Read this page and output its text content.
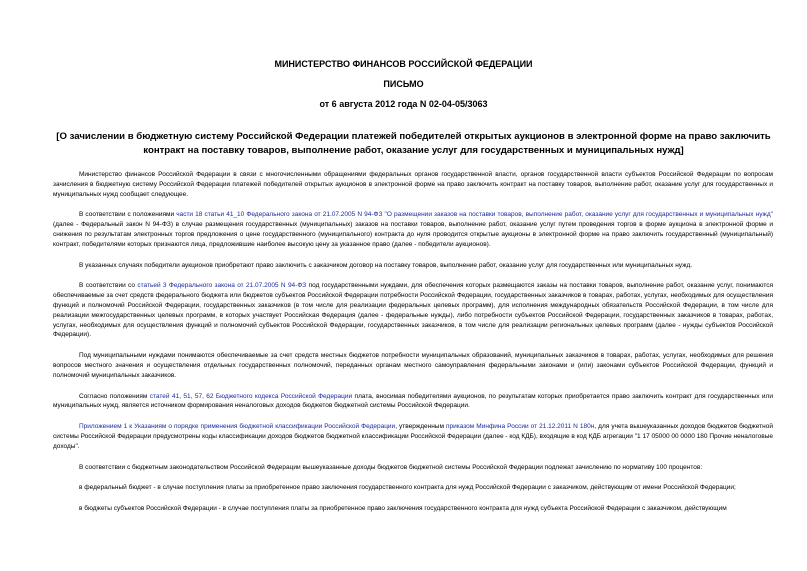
МИНИСТЕРСТВО ФИНАНСОВ РОССИЙСКОЙ ФЕДЕРАЦИИ
ПИСЬМО
от 6 августа 2012 года N 02-04-05/3063
[О зачислении в бюджетную систему Российской Федерации платежей победителей открытых аукционов в электронной форме на право заключить контракт на поставку товаров, выполнение работ, оказание услуг для государственных и муниципальных нужд]

Министерство финансов Российской Федерации в связи с многочисленными обращениями федеральных органов государственной власти, органов государственной власти субъектов Российской Федерации по вопросам зачисления в бюджетную систему Российской Федерации платежей победителей открытых аукционов в электронной форме на право заключить контракт на поставку товаров, выполнение работ, оказание услуг для государственных и муниципальных нужд сообщает следующее.

В соответствии с положениями части 18 статьи 41_10 Федерального закона от 21.07.2005 N 94-ФЗ "О размещении заказов на поставки товаров, выполнение работ, оказание услуг для государственных и муниципальных нужд" (далее - Федеральный закон N 94-ФЗ) в случае размещения государственных (муниципальных) заказов на поставки товаров, выполнение работ, оказание услуг путем проведения торгов в форме аукциона в электронной форме и снижения по результатам электронных торгов предложения о цене государственного (муниципального) контракта до нуля проводится открытые аукционы в электронной форме на право заключить государственный (муниципальный) контракт, победителями которых признаются лица, предложившие наиболее высокую цену за указанное право (далее - победители аукционов).

В указанных случаях победители аукционов приобретают право заключить с заказчиком договор на поставку товаров, выполнение работ, оказание услуг для государственных или муниципальных нужд.

В соответствии со статьей 3 Федерального закона от 21.07.2005 N 94-ФЗ под государственными нуждами, для обеспечения которых размещаются заказы на поставки товаров, выполнение работ, оказание услуг, понимаются обеспечиваемые за счет средств федерального бюджета или бюджетов субъектов Российской Федерации потребности Российской Федерации, государственных заказчиков в товарах, работах, услугах, необходимых для осуществления функций и полномочий Российской Федерации, государственных заказчиков (в том числе для реализации федеральных целевых программ), для исполнения международных обязательств Российской Федерации, в том числе для реализации межгосударственных целевых программ, в которых участвует Российская Федерация (далее - федеральные нужды), либо потребности субъектов Российской Федерации, государственных заказчиков в товарах, работах, услугах, необходимых для осуществления функций и полномочий субъектов Российской Федерации, государственных заказчиков, в том числе для реализации региональных целевых программ (далее - нужды субъектов Российской Федерации).

Под муниципальными нуждами понимаются обеспечиваемые за счет средств местных бюджетов потребности муниципальных образований, муниципальных заказчиков в товарах, работах, услугах, необходимых для решения вопросов местного значения и осуществления отдельных государственных полномочий, переданных органам местного самоуправления федеральными законами и (или) законами субъектов Российской Федерации, функций и полномочий муниципальных заказчиков.

Согласно положениям статей 41, 51, 57, 62 Бюджетного кодекса Российской Федерации плата, вносимая победителями аукционов, по результатам которых приобретается право заключить контракт для государственных или муниципальных нужд, является источником формирования неналоговых доходов бюджетов бюджетной системы Российской Федерации.

Приложением 1 к Указаниям о порядке применения бюджетной классификации Российской Федерации, утвержденным приказом Минфина России от 21.12.2011 N 180н, для учета вышеуказанных доходов бюджетов бюджетной системы Российской Федерации предусмотрены коды классификации доходов бюджетов бюджетной классификации Российской Федерации (далее - код КДБ), входящие в код КДБ агрегации "1 17 05000 00 0000 180 Прочие неналоговые доходы".

В соответствии с бюджетным законодательством Российской Федерации вышеуказанные доходы бюджетов бюджетной системы Российской Федерации подлежат зачислению по нормативу 100 процентов:

в федеральный бюджет - в случае поступления платы за приобретенное право заключения государственного контракта для нужд Российской Федерации с заказчиком, действующим от имени Российской Федерации;

в бюджеты субъектов Российской Федерации - в случае поступления платы за приобретенное право заключения государственного контракта для нужд субъекта Российской Федерации с заказчиком, действующим
